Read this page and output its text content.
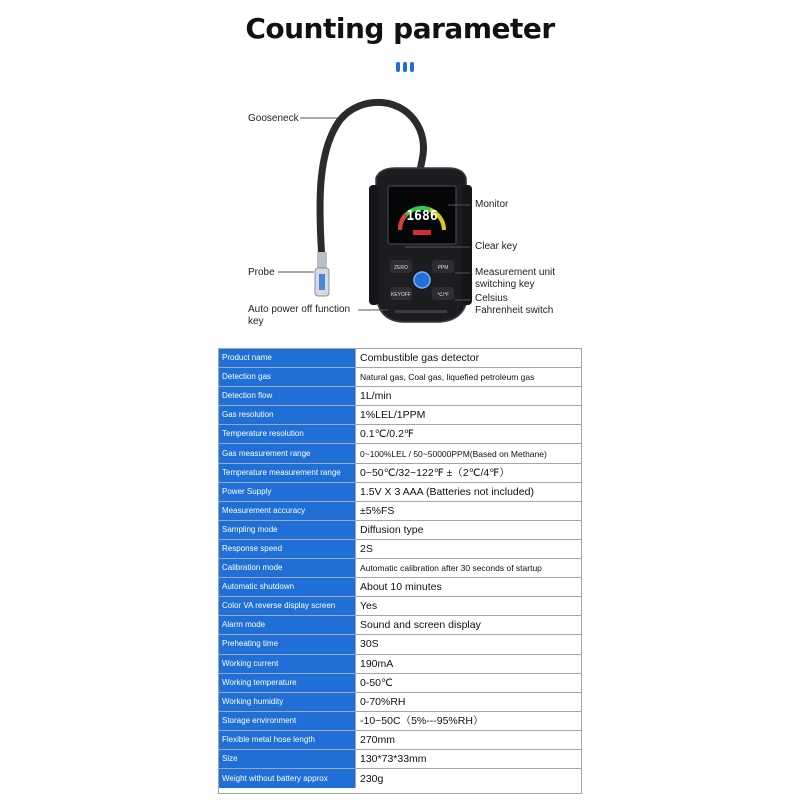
Counting parameter
1686
ZERO	PPM
KEYOFF	℃/℉
Gooseneck
Probe
Monitor
Clear key
Measurement unit
switching key
Celsius
Fahrenheit switch
Auto power off function
key
Product name	Combustible gas detector
Detection gas	Natural gas, Coal gas, liquefied petroleum gas
Detection flow	1L/min
Gas resolution	1%LEL/1PPM
Temperature resolution	0.1℃/0.2℉
Gas measurement range	0~100%LEL / 50~50000PPM(Based on Methane)
Temperature measurement range	0~50℃/32~122℉ ±（2℃/4℉）
Power Supply	1.5V X 3 AAA (Batteries not included)
Measurement accuracy	±5%FS
Sampling mode	Diffusion type
Response speed	2S
Calibration mode	Automatic calibration after 30 seconds of startup
Automatic shutdown	About 10 minutes
Color VA reverse display screen	Yes
Alarm mode	Sound and screen display
Preheating time	30S
Working current	190mA
Working temperature	0-50℃
Working humidity	0-70%RH
Storage environment	-10~50C（5%---95%RH）
Flexible metal hose length	270mm
Size	130*73*33mm
Weight without battery approx	230g
